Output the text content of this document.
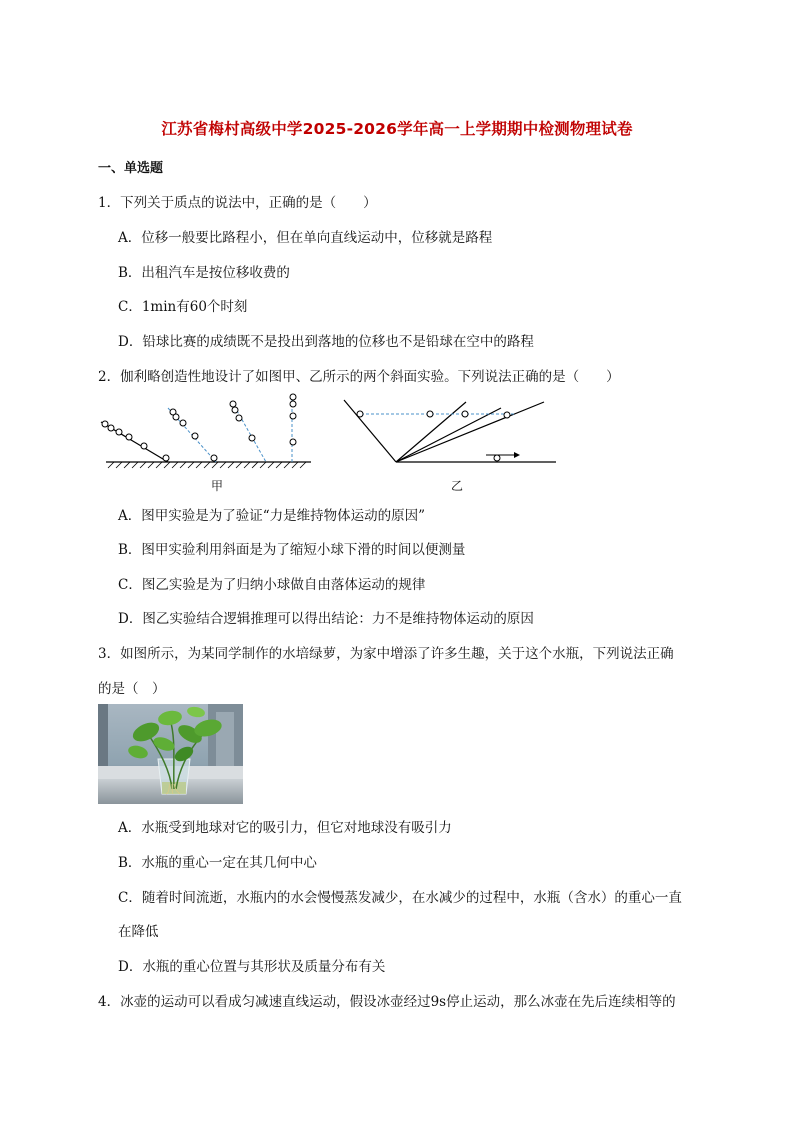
江苏省梅村高级中学2025-2026学年高一上学期期中检测物理试卷
一、单选题
1．下列关于质点的说法中，正确的是（　　）
A．位移一般要比路程小，但在单向直线运动中，位移就是路程
B．出租汽车是按位移收费的
C．1min有60个时刻
D．铅球比赛的成绩既不是投出到落地的位移也不是铅球在空中的路程
2．伽利略创造性地设计了如图甲、乙所示的两个斜面实验。下列说法正确的是（　　）
甲	乙
A．图甲实验是为了验证“力是维持物体运动的原因”
B．图甲实验利用斜面是为了缩短小球下滑的时间以便测量
C．图乙实验是为了归纳小球做自由落体运动的规律
D．图乙实验结合逻辑推理可以得出结论：力不是维持物体运动的原因
3．如图所示，为某同学制作的水培绿萝，为家中增添了许多生趣，关于这个水瓶，下列说法正确
的是（　）
A．水瓶受到地球对它的吸引力，但它对地球没有吸引力
B．水瓶的重心一定在其几何中心
C．随着时间流逝，水瓶内的水会慢慢蒸发减少，在水减少的过程中，水瓶（含水）的重心一直
在降低
D．水瓶的重心位置与其形状及质量分布有关
4．冰壶的运动可以看成匀减速直线运动，假设冰壶经过9s停止运动，那么冰壶在先后连续相等的
